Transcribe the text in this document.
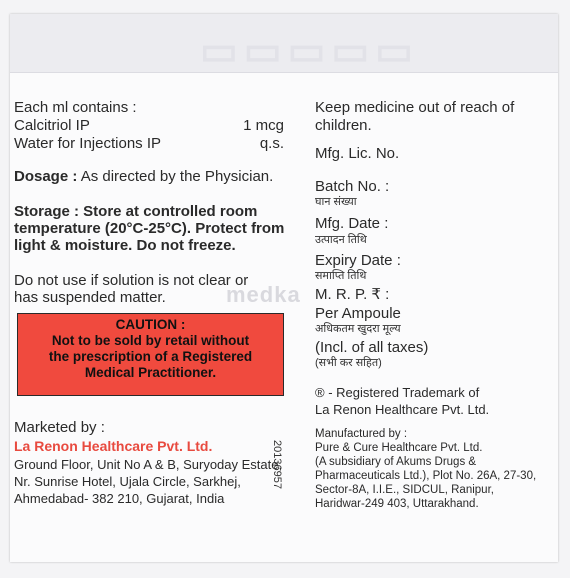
▭▭▭▭▭
Each ml contains :
Calcitriol IP	1 mcg
Water for Injections IP	q.s.
Dosage : As directed by the Physician.
Storage : Store at controlled room
temperature (20°C-25°C). Protect from
light & moisture. Do not freeze.
Do not use if solution is not clear or
has suspended matter.	medka
CAUTION :
Not to be sold by retail without
the prescription of a Registered
Medical Practitioner.
Marketed by :
La Renon Healthcare Pvt. Ltd.
Ground Floor, Unit No A & B, Suryoday Estate,
Nr. Sunrise Hotel, Ujala Circle, Sarkhej,
Ahmedabad- 382 210, Gujarat, India
20136957
Keep medicine out of reach of
children.
Mfg. Lic. No.
Batch No. :
घान संख्या
Mfg. Date :
उत्पादन तिथि
Expiry Date :
समाप्ति तिथि
M. R. P. ₹ :
Per Ampoule
अधिकतम खुदरा मूल्य
(Incl. of all taxes)
(सभी कर सहित)
® - Registered Trademark of
La Renon Healthcare Pvt. Ltd.
Manufactured by :
Pure & Cure Healthcare Pvt. Ltd.
(A subsidiary of Akums Drugs &
Pharmaceuticals Ltd.), Plot No. 26A, 27-30,
Sector-8A, I.I.E., SIDCUL, Ranipur,
Haridwar-249 403, Uttarakhand.
